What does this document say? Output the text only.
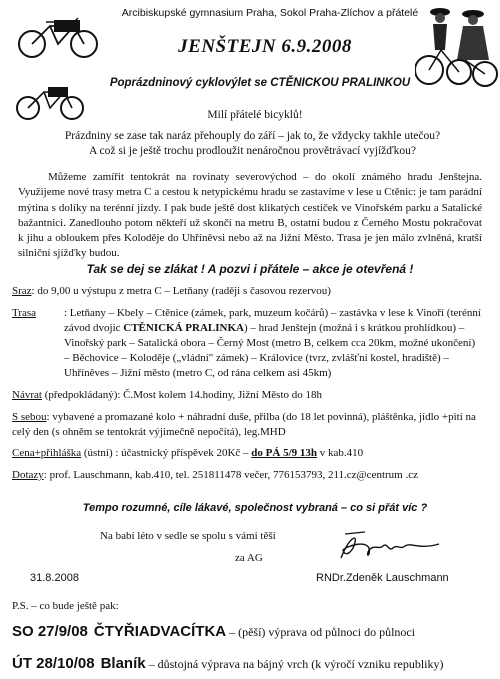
Arcibiskupské gymnasium Praha, Sokol Praha-Zlíchov a přátelé
JENŠTEJN 6.9.2008
Poprázdninový cyklovýlet se CTĚNICKOU PRALINKOU
Milí přátelé bicyklů!
Prázdniny se zase tak naráz přehouply do září – jak to, že vždycky takhle utečou?
A což si je ještě trochu prodloužit nenáročnou provětrávací vyjížďkou?
Můžeme zamířit tentokrát na rovinaty severovýchod – do okolí známého hradu Jenštejna. Využijeme nové trasy metra C a cestou k netypickému hradu se zastavíme v lese u Ctěnic: je tam parádní mýtina s dolíky na terénní jízdy. I pak bude ještě dost klikatých cestiček ve Vinořském parku a Satalické bažantnici. Zanedlouho potom někteří už skončí na metru B, ostatní budou z Černého Mostu pokračovat k jihu a obloukem přes Koloděje do Uhříněvsi nebo až na Jižní Město. Trasa je jen málo zvlněná, kratší silniční sjížďky budou.
Tak se dej se zlákat ! A pozvi i přátele – akce je otevřená !
Sraz: do 9,00 u výstupu z metra C – Letňany (raději s časovou rezervou)
Trasa	: Letňany – Kbely – Ctěnice (zámek, park, muzeum kočárů) – zastávka v lese k Vinoří (terénní závod dvojic CTĚNICKÁ PRALINKA) – hrad Jenštejn (možná i s krátkou prohlídkou) – Vinořský park – Satalická obora – Černý Most (metro B, celkem cca 20km, možné ukončení) – Běchovice – Koloděje („vládní" zámek) – Královice (tvrz, zvlášťní kostel, hradiště) – Uhříněves – Jižní město (metro C, od rána celkem asi 45km)
Návrat (předpokládaný): Č.Most kolem 14.hodiny, Jižní Město do 18h
S sebou: vybavené a promazané kolo + náhradní duše, přilba (do 18 let povinná), pláštěnka, jídlo +pití na celý den (s ohněm se tentokrát výjimečně nepočítá), leg.MHD
Cena+přihláška (ústní) : účastnický příspěvek 20Kč – do PÁ 5/9 13h v kab.410
Dotazy: prof. Lauschmann, kab.410, tel. 251811478 večer, 776153793, 211.cz@centrum .cz
Tempo rozumné, cíle lákavé, společnost vybraná – co si přát víc ?
Na babí léto v sedle se spolu s vámi těší
za AG
31.8.2008	RNDr.Zdeněk Lauschmann
P.S. – co bude ještě pak:
SO 27/9/08 ČTYŘIADVACÍTKA – (pěší) výprava od půlnoci do půlnoci
ÚT 28/10/08 Blaník – důstojná výprava na bájný vrch (k výročí vzniku republiky)
